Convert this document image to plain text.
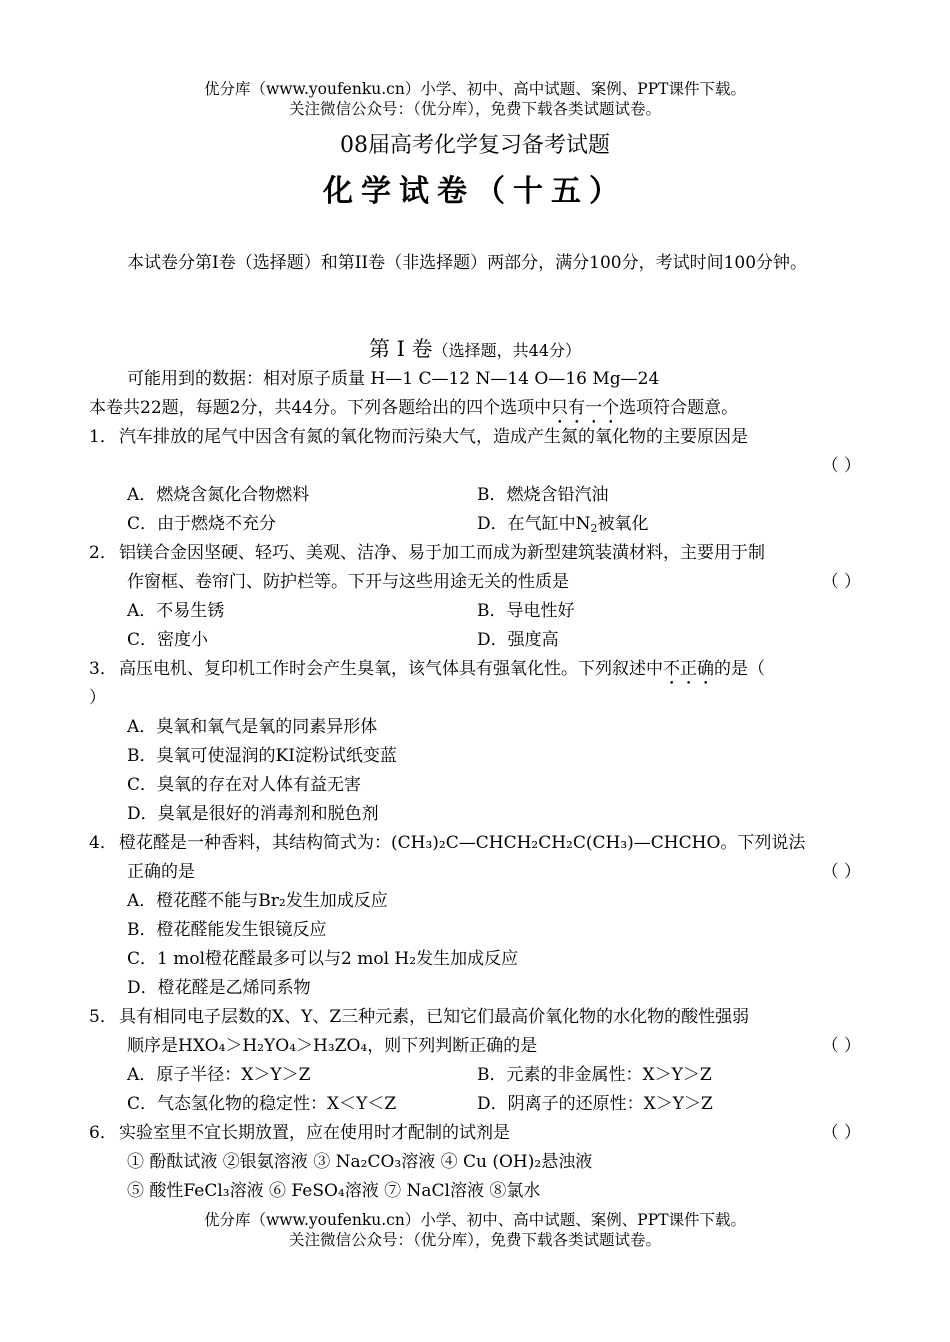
优分库（www.youfenku.cn）小学、初中、高中试题、案例、PPT课件下载。
关注微信公众号：（优分库），免费下载各类试题试卷。
08届高考化学复习备考试题
化学试卷（十五）
本试卷分第I卷（选择题）和第II卷（非选择题）两部分，满分100分，考试时间100分钟。
第 I 卷（选择题，共44分）
可能用到的数据：相对原子质量 H—1 C—12 N—14 O—16 Mg—24
本卷共22题，每题2分，共44分。下列各题给出的四个选项中只有一个选项符合题意。
1． 汽车排放的尾气中因含有氮的氧化物而污染大气，造成产生氮的氧化物的主要原因是
（ ）
A．燃烧含氮化合物燃料	B．燃烧含铅汽油
C．由于燃烧不充分	D．在气缸中$N_2$被氧化
2． 铝镁合金因坚硬、轻巧、美观、洁净、易于加工而成为新型建筑装潢材料，主要用于制
作窗框、卷帘门、防护栏等。下开与这些用途无关的性质是	（ ）
A．不易生锈	B．导电性好
C．密度小	D．强度高
3． 高压电机、复印机工作时会产生臭氧，该气体具有强氧化性。下列叙述中不正确的是（
）
A．臭氧和氧气是氧的同素异形体
B．臭氧可使湿润的KI淀粉试纸变蓝
C．臭氧的存在对人体有益无害
D．臭氧是很好的消毒剂和脱色剂
4． 橙花醛是一种香料，其结构简式为：(CH₃)₂C—CHCH₂CH₂C(CH₃)—CHCHO。下列说法
正确的是	（ ）
A．橙花醛不能与Br₂发生加成反应
B．橙花醛能发生银镜反应
C．1 mol橙花醛最多可以与2 mol H₂发生加成反应
D．橙花醛是乙烯同系物
5． 具有相同电子层数的X、Y、Z三种元素，已知它们最高价氧化物的水化物的酸性强弱
顺序是HXO₄＞H₂YO₄＞H₃ZO₄，则下列判断正确的是	（ ）
A．原子半径：X＞Y＞Z	B．元素的非金属性：X＞Y＞Z
C．气态氢化物的稳定性：X＜Y＜Z	D．阴离子的还原性：X＞Y＞Z
6． 实验室里不宜长期放置，应在使用时才配制的试剂是	（ ）
① 酚酞试液 ②银氨溶液 ③ Na₂CO₃溶液 ④ Cu (OH)₂悬浊液
⑤ 酸性FeCl₃溶液 ⑥ FeSO₄溶液 ⑦ NaCl溶液 ⑧氯水
优分库（www.youfenku.cn）小学、初中、高中试题、案例、PPT课件下载。
关注微信公众号：（优分库），免费下载各类试题试卷。
